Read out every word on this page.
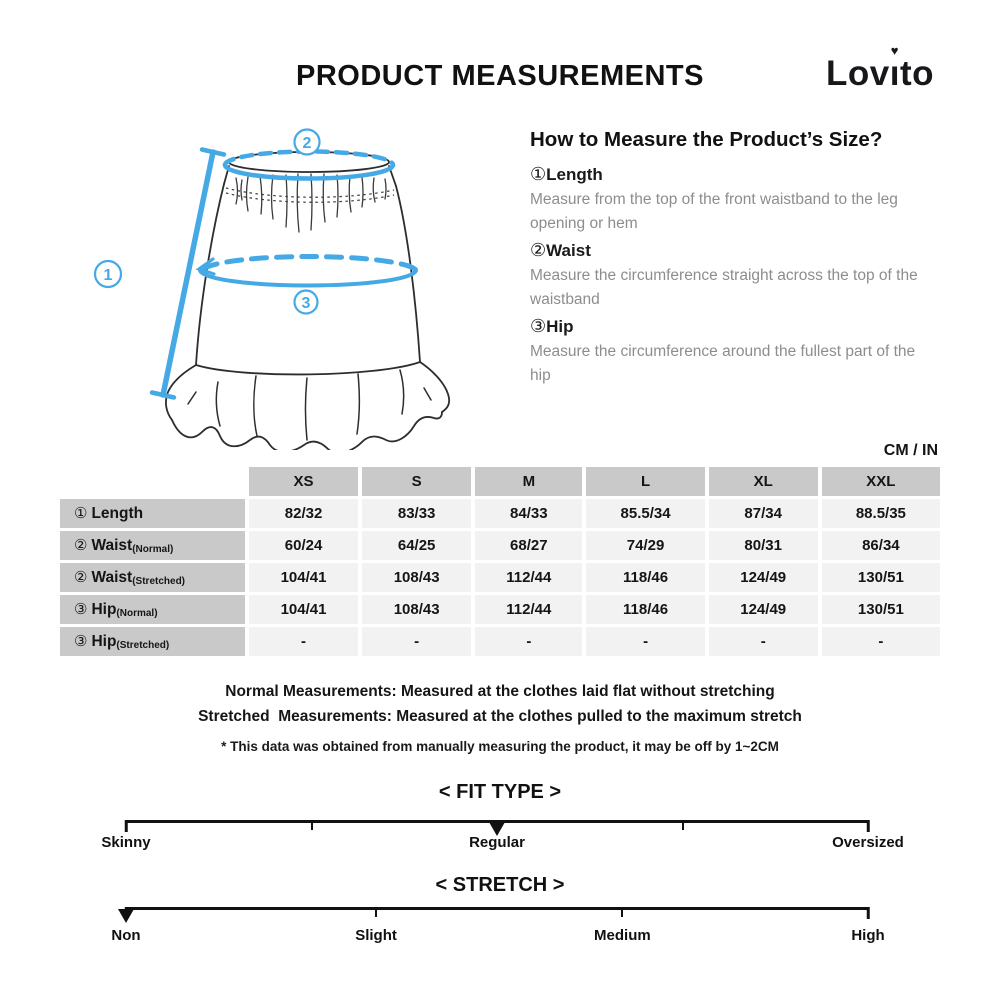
PRODUCT MEASUREMENTS	Lov
♥
ıto
1
2
3
How to Measure the Product’s Size?
①Length
Measure from the top of the front waistband to the leg opening or hem
②Waist
Measure the circumference straight across the top of the waistband
③Hip
Measure the circumference around the fullest part of the hip
CM / IN
	XS	S	M	L	XL	XXL
① Length	82/32	83/33	84/33	85.5/34	87/34	88.5/35
② Waist(Normal)	60/24	64/25	68/27	74/29	80/31	86/34
② Waist(Stretched)	104/41	108/43	112/44	118/46	124/49	130/51
③ Hip(Normal)	104/41	108/43	112/44	118/46	124/49	130/51
③ Hip(Stretched)	-	-	-	-	-	-
Normal Measurements: Measured at the clothes laid flat without stretching
Stretched  Measurements: Measured at the clothes pulled to the maximum stretch
* This data was obtained from manually measuring the product, it may be off by 1~2CM
< FIT TYPE >
Skinny	Regular	Oversized
< STRETCH >
Non	Slight	Medium	High
